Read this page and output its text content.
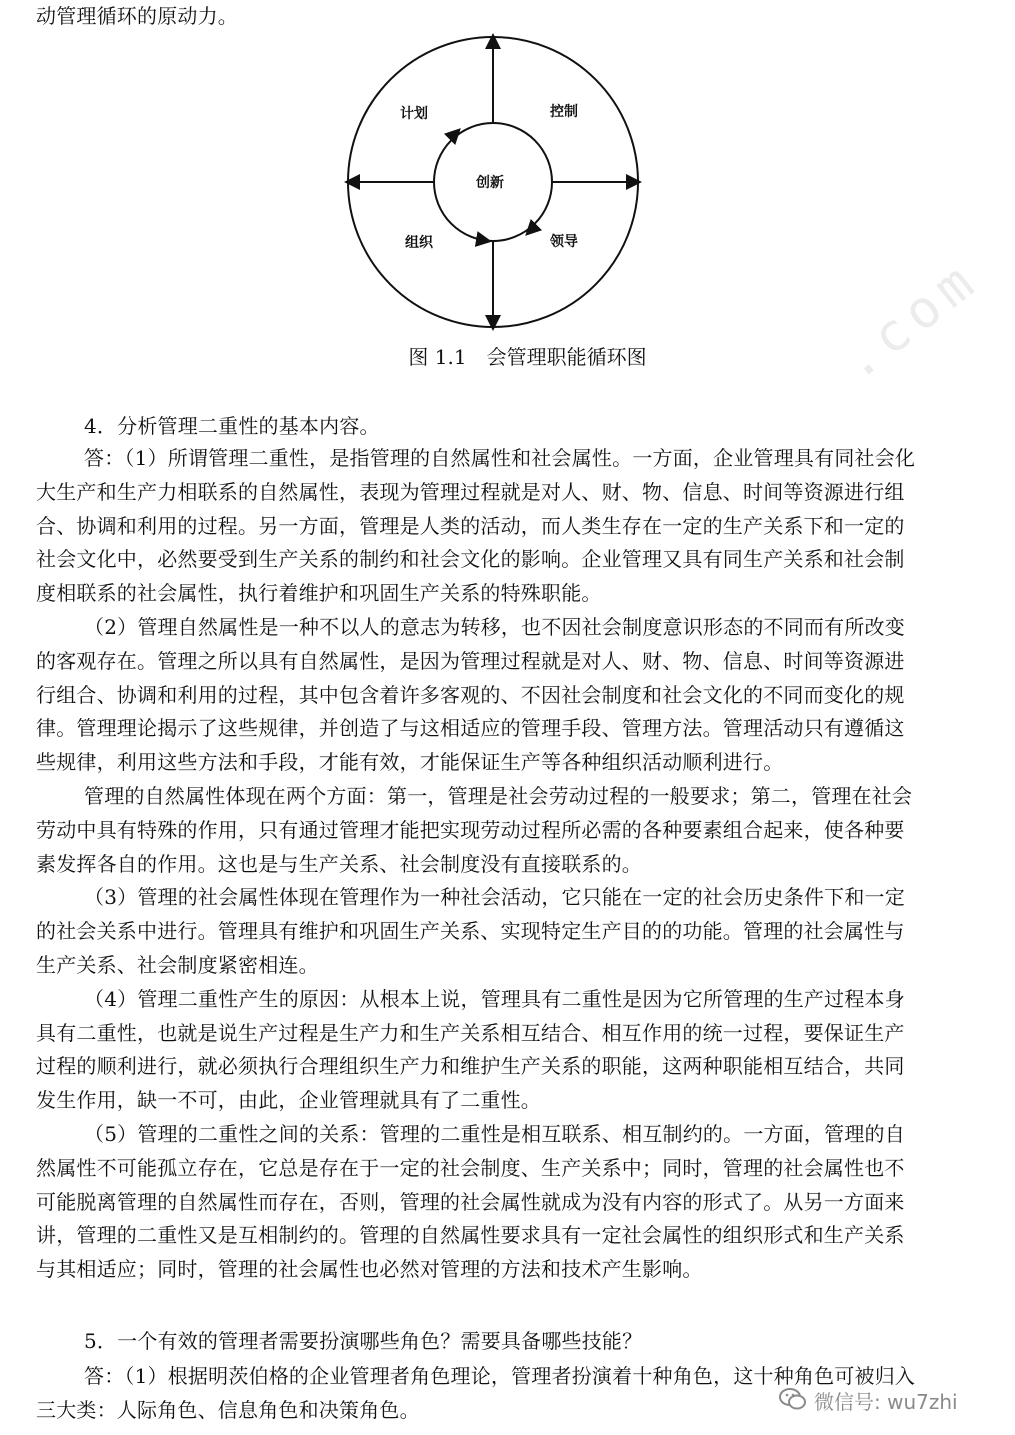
动管理循环的原动力。
计划	控制
创新
组织	领导
图 1.1　会管理职能循环图	.com
4．分析管理二重性的基本内容。
答：（1）所谓管理二重性，是指管理的自然属性和社会属性。一方面，企业管理具有同社会化
大生产和生产力相联系的自然属性，表现为管理过程就是对人、财、物、信息、时间等资源进行组
合、协调和利用的过程。另一方面，管理是人类的活动，而人类生存在一定的生产关系下和一定的
社会文化中，必然要受到生产关系的制约和社会文化的影响。企业管理又具有同生产关系和社会制
度相联系的社会属性，执行着维护和巩固生产关系的特殊职能。
（2）管理自然属性是一种不以人的意志为转移，也不因社会制度意识形态的不同而有所改变
的客观存在。管理之所以具有自然属性，是因为管理过程就是对人、财、物、信息、时间等资源进
行组合、协调和利用的过程，其中包含着许多客观的、不因社会制度和社会文化的不同而变化的规
律。管理理论揭示了这些规律，并创造了与这相适应的管理手段、管理方法。管理活动只有遵循这
些规律，利用这些方法和手段，才能有效，才能保证生产等各种组织活动顺利进行。
管理的自然属性体现在两个方面：第一，管理是社会劳动过程的一般要求；第二，管理在社会
劳动中具有特殊的作用，只有通过管理才能把实现劳动过程所必需的各种要素组合起来，使各种要
素发挥各自的作用。这也是与生产关系、社会制度没有直接联系的。
（3）管理的社会属性体现在管理作为一种社会活动，它只能在一定的社会历史条件下和一定
的社会关系中进行。管理具有维护和巩固生产关系、实现特定生产目的的功能。管理的社会属性与
生产关系、社会制度紧密相连。
（4）管理二重性产生的原因：从根本上说，管理具有二重性是因为它所管理的生产过程本身
具有二重性，也就是说生产过程是生产力和生产关系相互结合、相互作用的统一过程，要保证生产
过程的顺利进行，就必须执行合理组织生产力和维护生产关系的职能，这两种职能相互结合，共同
发生作用，缺一不可，由此，企业管理就具有了二重性。
（5）管理的二重性之间的关系：管理的二重性是相互联系、相互制约的。一方面，管理的自
然属性不可能孤立存在，它总是存在于一定的社会制度、生产关系中；同时，管理的社会属性也不
可能脱离管理的自然属性而存在，否则，管理的社会属性就成为没有内容的形式了。从另一方面来
讲，管理的二重性又是互相制约的。管理的自然属性要求具有一定社会属性的组织形式和生产关系
与其相适应；同时，管理的社会属性也必然对管理的方法和技术产生影响。
5．一个有效的管理者需要扮演哪些角色？需要具备哪些技能？
答：（1）根据明茨伯格的企业管理者角色理论，管理者扮演着十种角色，这十种角色可被归入
三大类：人际角色、信息角色和决策角色。	微信号: wu7zhi
